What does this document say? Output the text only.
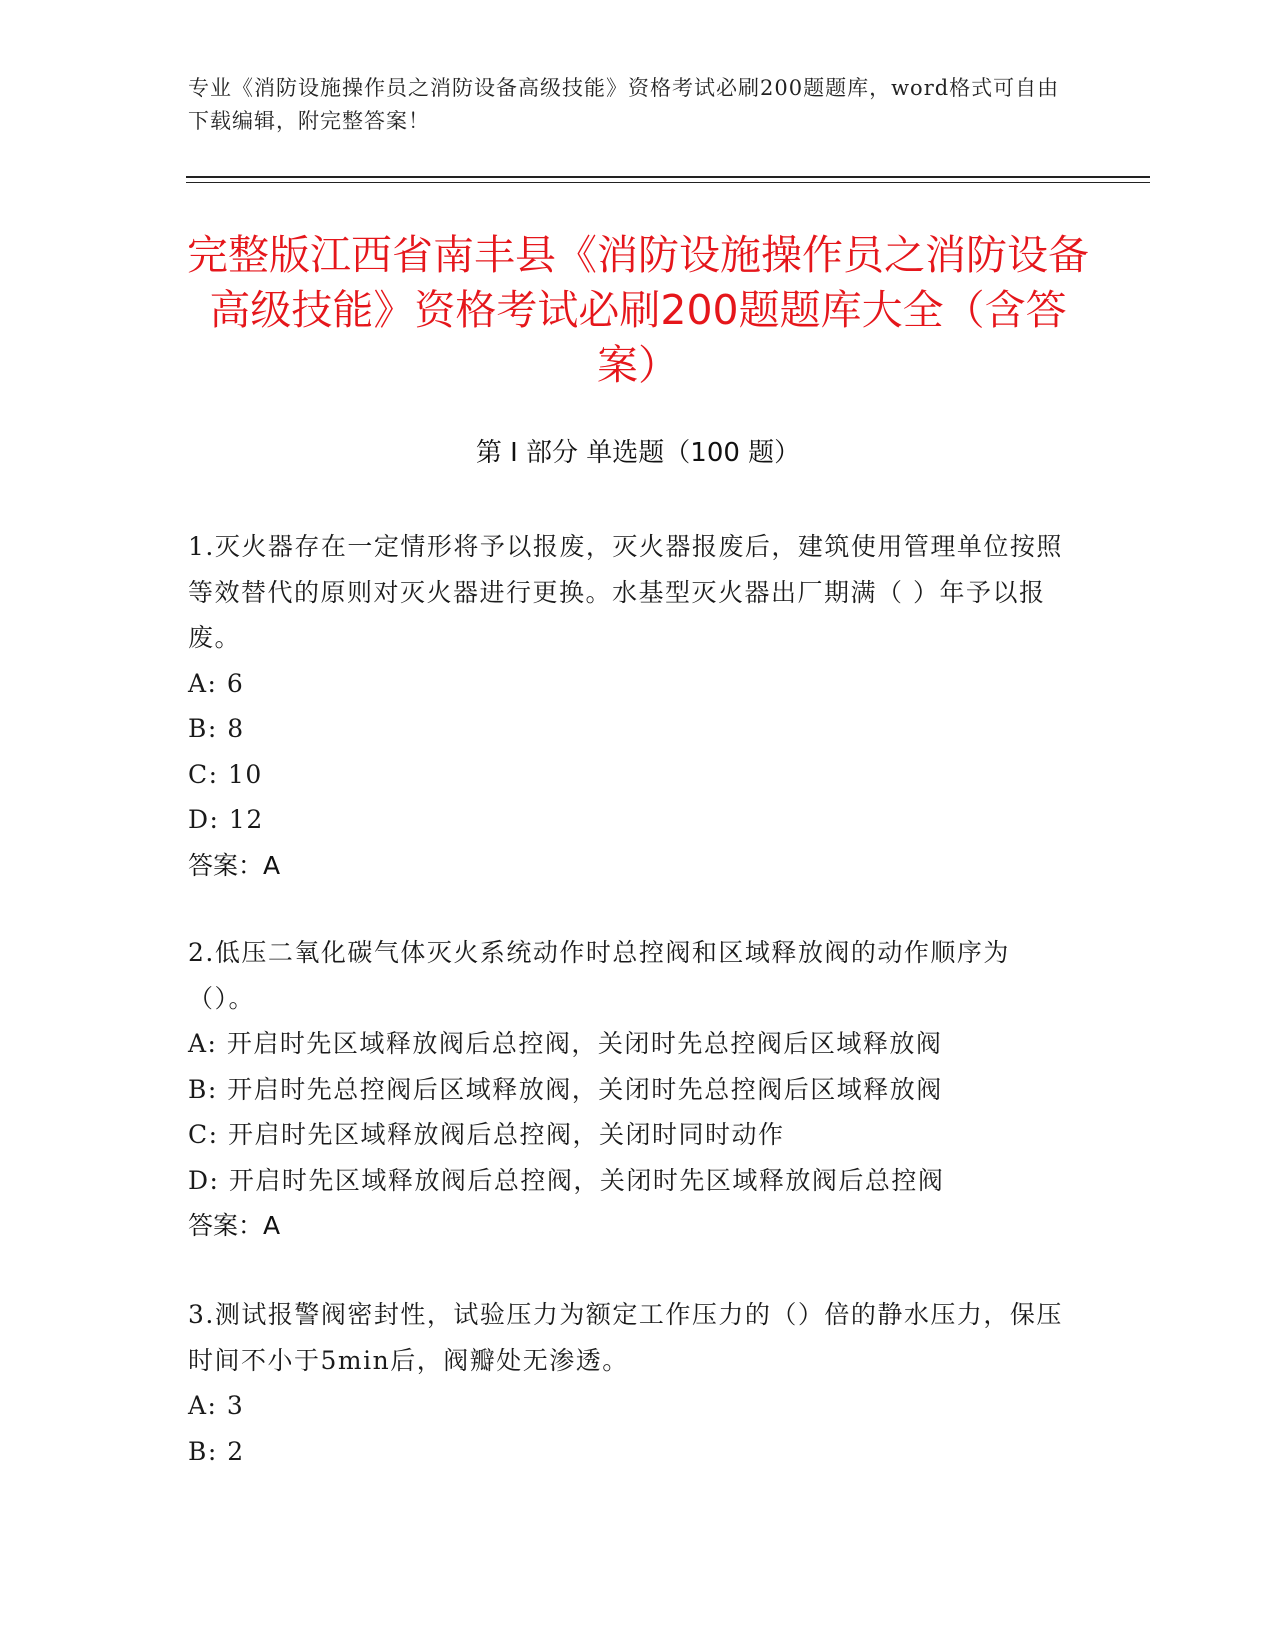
专业《消防设施操作员之消防设备高级技能》资格考试必刷200题题库，word格式可自由下载编辑，附完整答案！
完整版江西省南丰县《消防设施操作员之消防设备高级技能》资格考试必刷200题题库大全（含答案）
第 I 部分 单选题（100 题）
1.灭火器存在一定情形将予以报废，灭火器报废后，建筑使用管理单位按照等效替代的原则对灭火器进行更换。水基型灭火器出厂期满（ ）年予以报废。
A: 6
B: 8
C: 10
D: 12
答案：A
2.低压二氧化碳气体灭火系统动作时总控阀和区域释放阀的动作顺序为（）。
A: 开启时先区域释放阀后总控阀，关闭时先总控阀后区域释放阀
B: 开启时先总控阀后区域释放阀，关闭时先总控阀后区域释放阀
C: 开启时先区域释放阀后总控阀，关闭时同时动作
D: 开启时先区域释放阀后总控阀，关闭时先区域释放阀后总控阀
答案：A
3.测试报警阀密封性，试验压力为额定工作压力的（）倍的静水压力，保压时间不小于5min后，阀瓣处无渗透。
A: 3
B: 2
